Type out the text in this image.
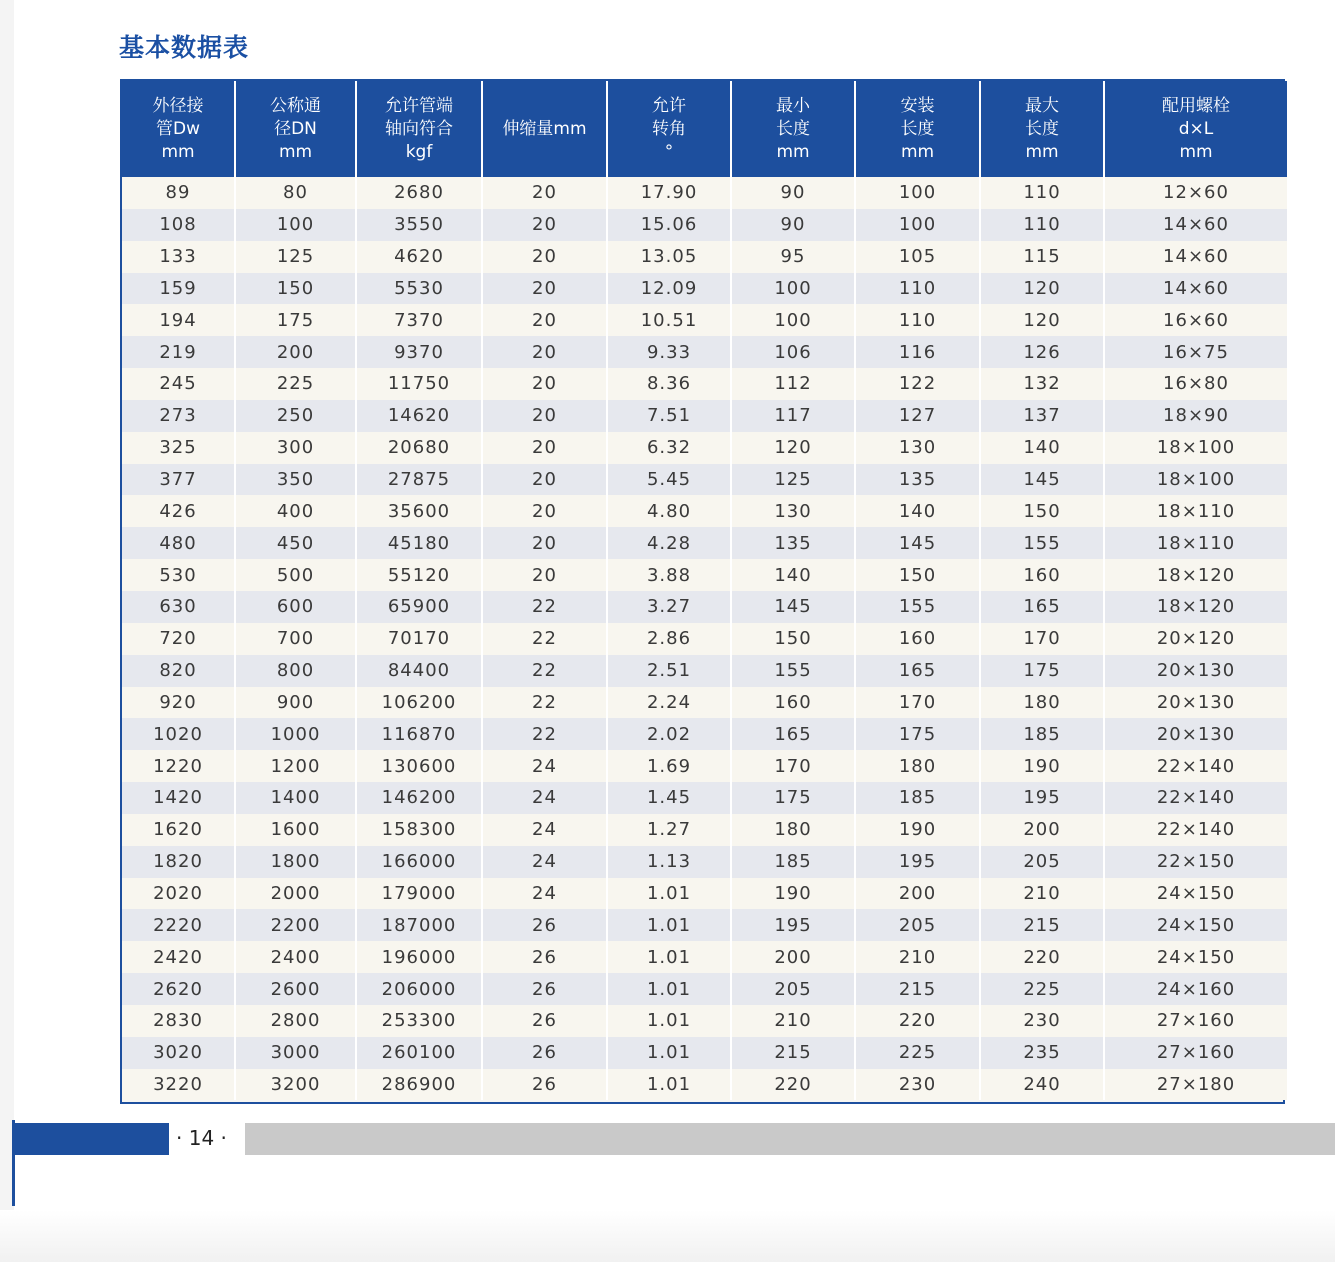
基本数据表
外径接
管Dw
mm	公称通
径DN
mm	允许管端
轴向符合
kgf	伸缩量mm	允许
转角
°	最小
长度
mm	安装
长度
mm	最大
长度
mm	配用螺栓
d×L
mm
89	80	2680	20	17.90	90	100	110	12×60
108	100	3550	20	15.06	90	100	110	14×60
133	125	4620	20	13.05	95	105	115	14×60
159	150	5530	20	12.09	100	110	120	14×60
194	175	7370	20	10.51	100	110	120	16×60
219	200	9370	20	9.33	106	116	126	16×75
245	225	11750	20	8.36	112	122	132	16×80
273	250	14620	20	7.51	117	127	137	18×90
325	300	20680	20	6.32	120	130	140	18×100
377	350	27875	20	5.45	125	135	145	18×100
426	400	35600	20	4.80	130	140	150	18×110
480	450	45180	20	4.28	135	145	155	18×110
530	500	55120	20	3.88	140	150	160	18×120
630	600	65900	22	3.27	145	155	165	18×120
720	700	70170	22	2.86	150	160	170	20×120
820	800	84400	22	2.51	155	165	175	20×130
920	900	106200	22	2.24	160	170	180	20×130
1020	1000	116870	22	2.02	165	175	185	20×130
1220	1200	130600	24	1.69	170	180	190	22×140
1420	1400	146200	24	1.45	175	185	195	22×140
1620	1600	158300	24	1.27	180	190	200	22×140
1820	1800	166000	24	1.13	185	195	205	22×150
2020	2000	179000	24	1.01	190	200	210	24×150
2220	2200	187000	26	1.01	195	205	215	24×150
2420	2400	196000	26	1.01	200	210	220	24×150
2620	2600	206000	26	1.01	205	215	225	24×160
2830	2800	253300	26	1.01	210	220	230	27×160
3020	3000	260100	26	1.01	215	225	235	27×160
3220	3200	286900	26	1.01	220	230	240	27×180
· 14 ·
